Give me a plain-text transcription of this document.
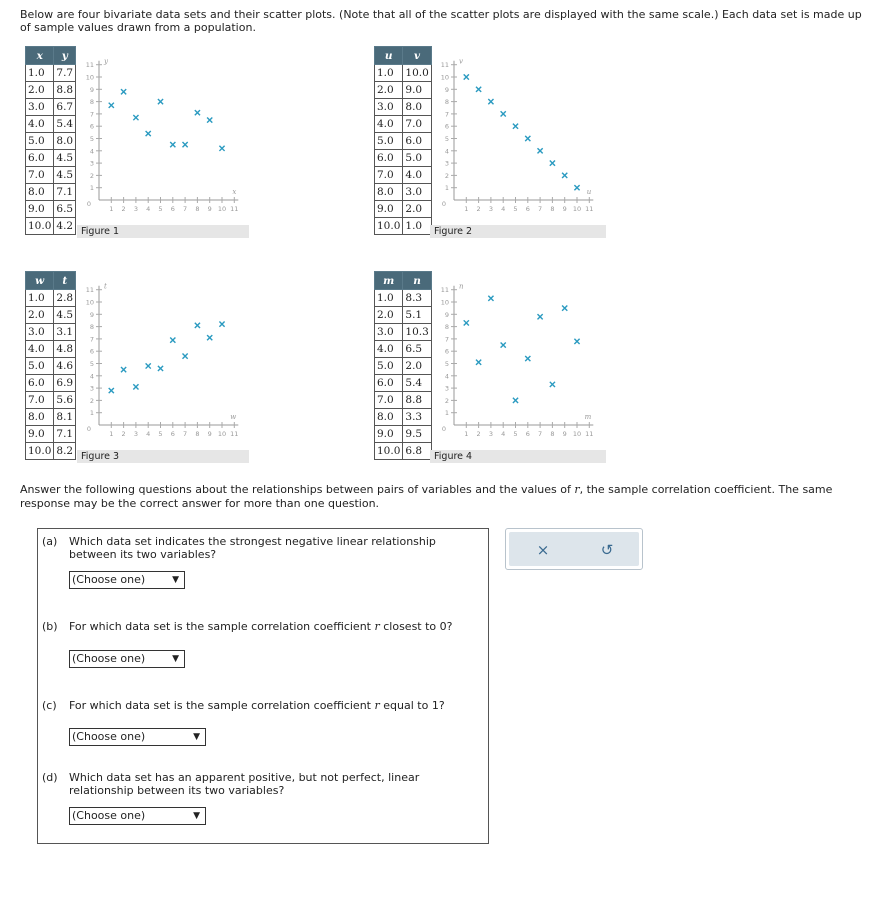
Below are four bivariate data sets and their scatter plots. (Note that all of the scatter plots are displayed with the same scale.) Each data set is made up of sample values drawn from a population.
x	y
1.0	7.7
2.0	8.8
3.0	6.7
4.0	5.4
5.0	8.0
6.0	4.5
7.0	4.5
8.0	7.1
9.0	6.5
10.0	4.2
1
2
3
4
5
6
7
8
9
10
11
0
1 2 3 4 5 6 7 8 9 10 11
y
x
Figure 1
u	v
1.0	10.0
2.0	9.0
3.0	8.0
4.0	7.0
5.0	6.0
6.0	5.0
7.0	4.0
8.0	3.0
9.0	2.0
10.0	1.0
1
2
3
4
5
6
7
8
9
10
11
0
1 2 3 4 5 6 7 8 9 10 11
v
u
Figure 2
w	t
1.0	2.8
2.0	4.5
3.0	3.1
4.0	4.8
5.0	4.6
6.0	6.9
7.0	5.6
8.0	8.1
9.0	7.1
10.0	8.2
1
2
3
4
5
6
7
8
9
10
11
0
1 2 3 4 5 6 7 8 9 10 11
t
w
Figure 3
m	n
1.0	8.3
2.0	5.1
3.0	10.3
4.0	6.5
5.0	2.0
6.0	5.4
7.0	8.8
8.0	3.3
9.0	9.5
10.0	6.8
1
2
3
4
5
6
7
8
9
10
11
0
1 2 3 4 5 6 7 8 9 10 11
n
m
Figure 4
Answer the following questions about the relationships between pairs of variables and the values of r, the sample correlation coefficient. The same response may be the correct answer for more than one question.
(a) Which data set indicates the strongest negative linear relationship between its two variables?
(Choose one)	▼
(b) For which data set is the sample correlation coefficient r closest to 0?
(Choose one)	▼
(c) For which data set is the sample correlation coefficient r equal to 1?
(Choose one)	▼
(d) Which data set has an apparent positive, but not perfect, linear relationship between its two variables?
(Choose one)	▼
×	↺
